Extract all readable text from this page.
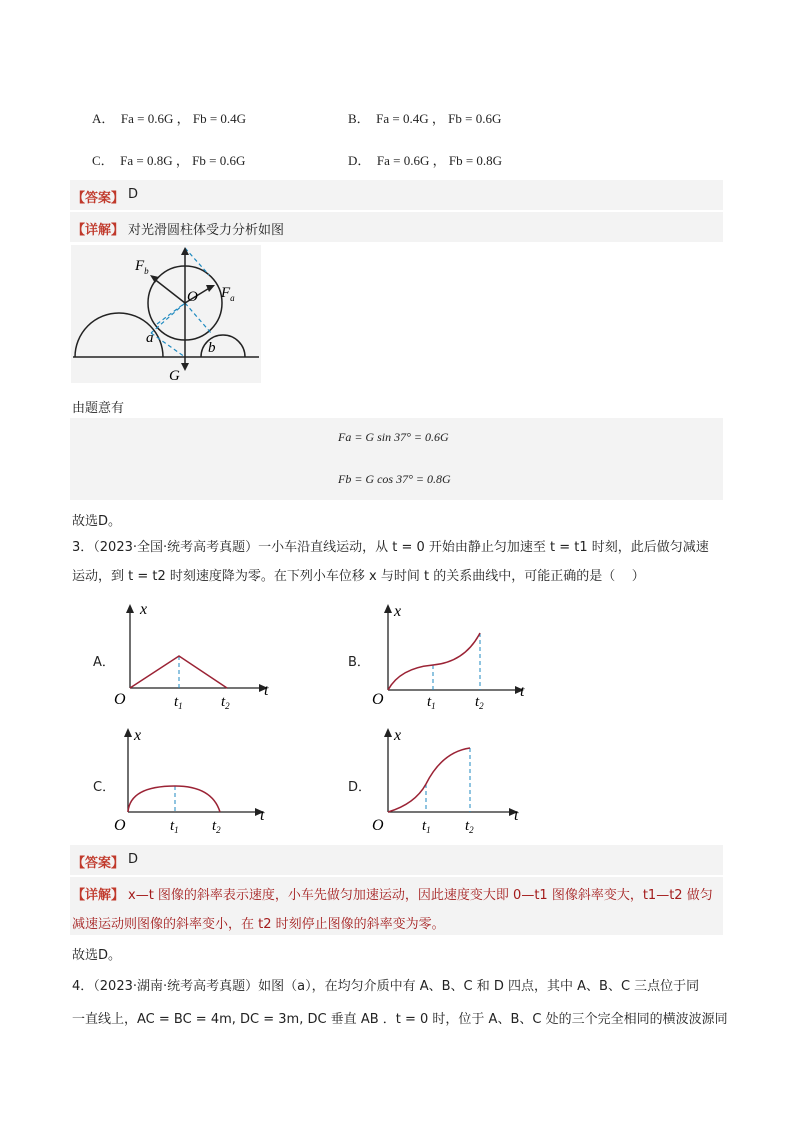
A．  Fa = 0.6G ， Fb = 0.4G	B．  Fa = 0.4G ， Fb = 0.6G
C．  Fa = 0.8G ， Fb = 0.6G	D．  Fa = 0.6G ， Fb = 0.8G
【答案】 D
【详解】 对光滑圆柱体受力分析如图
$F_b$
O $F_a$
a
b
G
由题意有
Fa = G sin 37° = 0.6G
Fb = G cos 37° = 0.8G
故选D。
3．（2023·全国·统考高考真题）一小车沿直线运动，从 t = 0 开始由静止匀加速至 t = t1 时刻，此后做匀减速
运动，到 t = t2 时刻速度降为零。在下列小车位移 x 与时间 t 的关系曲线中，可能正确的是（    ）
A．
x
t
O	$t_1$	$t_2$
B．
x
t
O	$t_1$	$t_2$
C．
x
t
O	$t_1$ $t_2$
D．
x
t
O	$t_1$ $t_2$
【答案】 D
【详解】 x—t 图像的斜率表示速度，小车先做匀加速运动，因此速度变大即 0—t1 图像斜率变大，t1—t2 做匀
减速运动则图像的斜率变小，在 t2 时刻停止图像的斜率变为零。
故选D。
4．（2023·湖南·统考高考真题）如图（a），在均匀介质中有 A、B、C 和 D 四点，其中 A、B、C 三点位于同
一直线上，AC = BC = 4m, DC = 3m, DC 垂直 AB ．t = 0 时，位于 A、B、C 处的三个完全相同的横波波源同
